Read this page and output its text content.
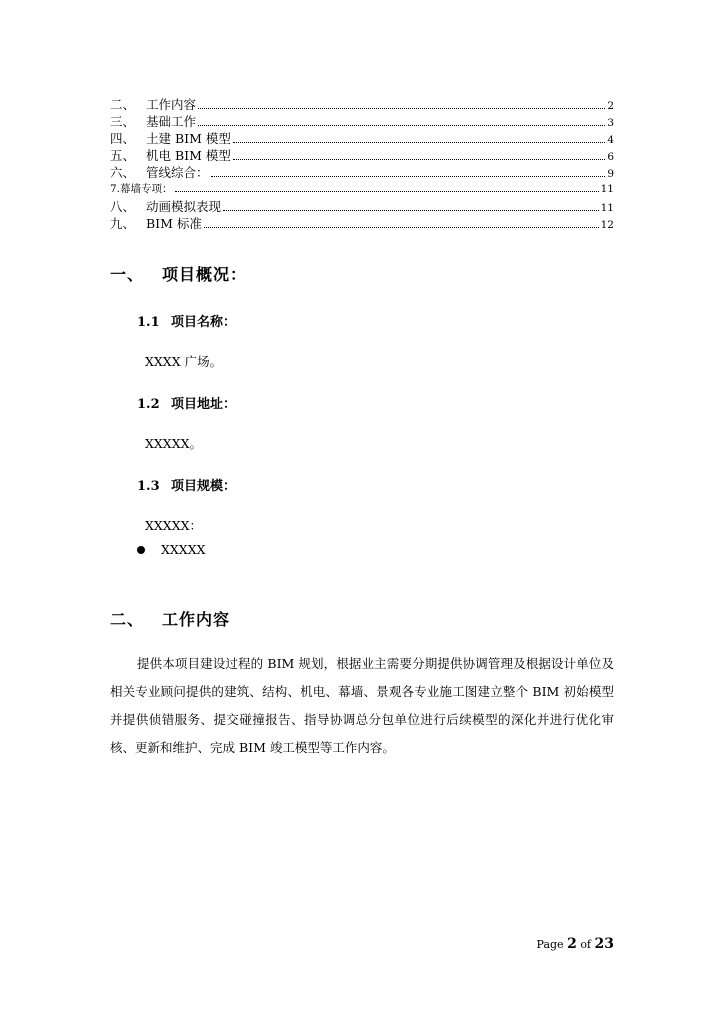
二、 工作内容	2
三、 基础工作	3
四、 土建 BIM 模型	4
五、 机电 BIM 模型	6
六、 管线综合：	9
7. 幕墙专项：	11
八、 动画模拟表现	11
九、 BIM 标准	12
一、 项目概况：
1.1 项目名称：
XXXX 广场。
1.2 项目地址：
XXXXX。
1.3 项目规模：
XXXXX：
XXXXX
二、 工作内容

提供本项目建设过程的 BIM 规划，根据业主需要分期提供协调管理及根据设计单位及相关专业顾问提供的建筑、结构、机电、幕墙、景观各专业施工图建立整个 BIM 初始模型并提供侦错服务、提交碰撞报告、指导协调总分包单位进行后续模型的深化并进行优化审核、更新和维护、完成 BIM 竣工模型等工作内容。

Page 2 of 23
